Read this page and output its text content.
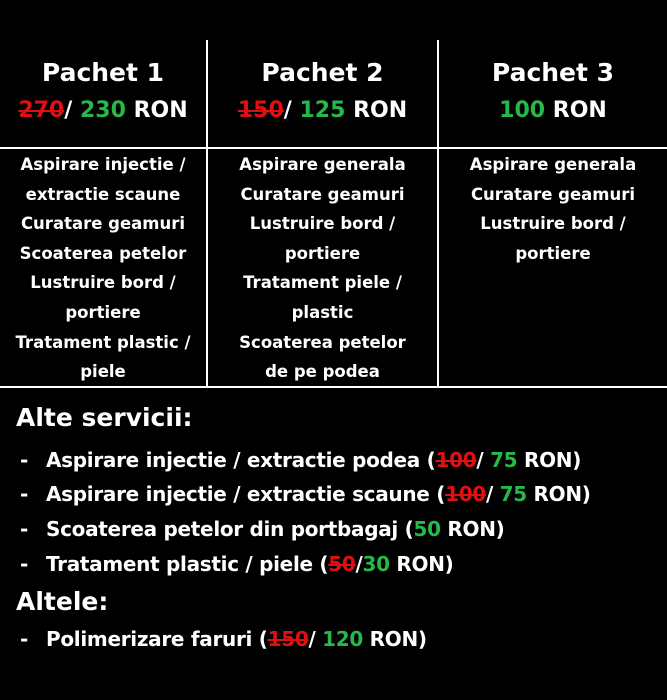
Pachet 1
270/ 230 RON
Aspirare injectie /
extractie scaune
Curatare geamuri
Scoaterea petelor
Lustruire bord /
portiere
Tratament plastic /
piele
Pachet 2
150/ 125 RON
Aspirare generala
Curatare geamuri
Lustruire bord /
portiere
Tratament piele /
plastic
Scoaterea petelor
de pe podea
Pachet 3
100 RON
Aspirare generala
Curatare geamuri
Lustruire bord /
portiere
Alte servicii:
- Aspirare injectie / extractie podea (100/ 75 RON)
- Aspirare injectie / extractie scaune (100/ 75 RON)
- Scoaterea petelor din portbagaj (50 RON)
- Tratament plastic / piele (50/30 RON)
Altele:
- Polimerizare faruri (150/ 120 RON)
